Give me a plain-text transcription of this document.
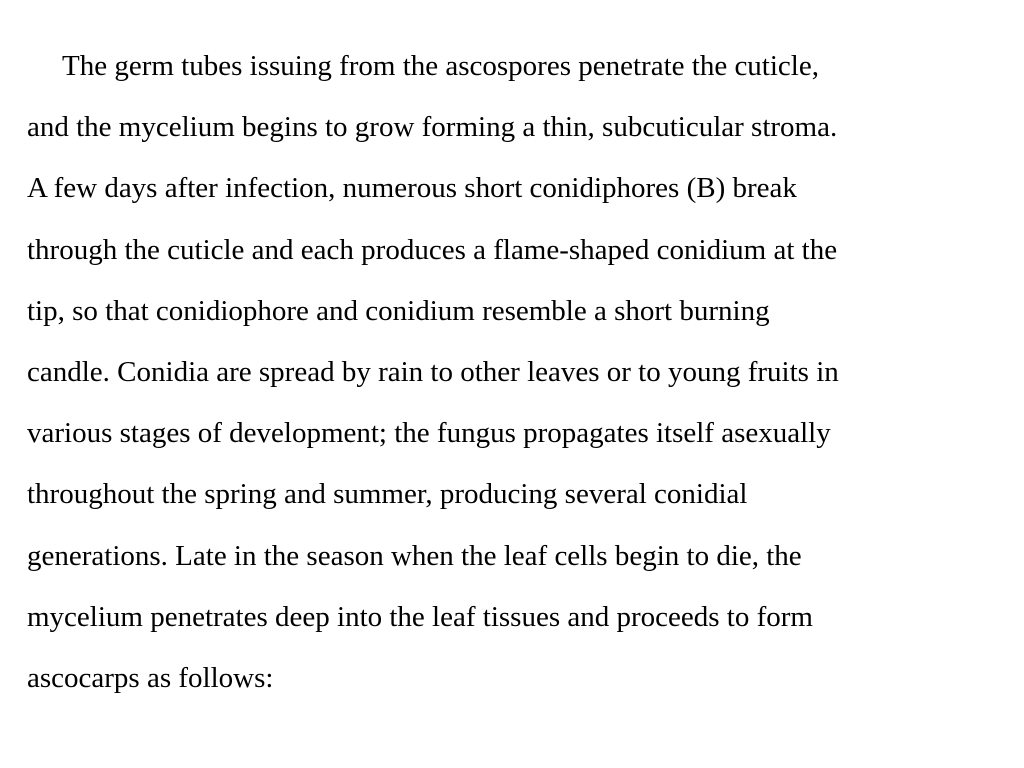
The germ tubes issuing from the ascospores penetrate the cuticle,
and the mycelium begins to grow forming a thin, subcuticular stroma.
A few days after infection, numerous short conidiphores (B) break
through the cuticle and each produces a flame-shaped conidium at the
tip, so that conidiophore and conidium resemble a short burning
candle. Conidia are spread by rain to other leaves or to young fruits in
various stages of development; the fungus propagates itself asexually
throughout the spring and summer, producing several conidial
generations. Late in the season when the leaf cells begin to die, the
mycelium penetrates deep into the leaf tissues and proceeds to form
ascocarps as follows:
